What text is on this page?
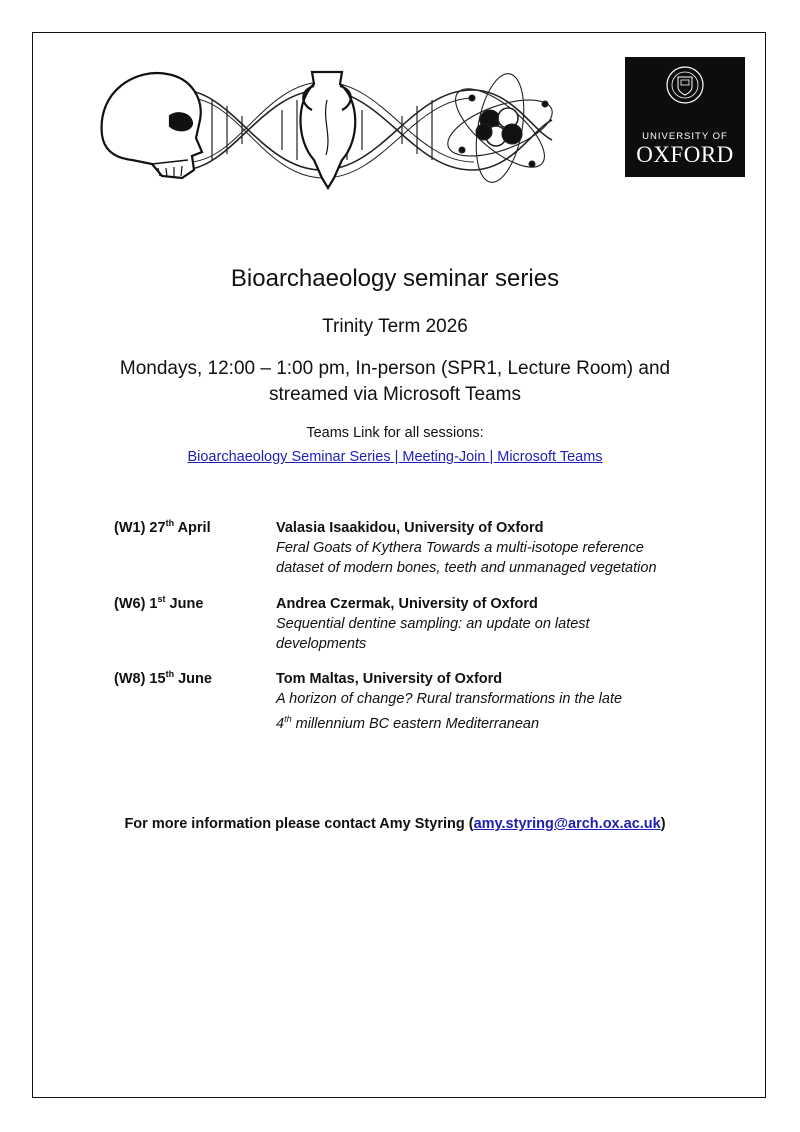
UNIVERSITY OF
OXFORD
Bioarchaeology seminar series
Trinity Term 2026
Mondays, 12:00 – 1:00 pm, In-person (SPR1, Lecture Room) and
streamed via Microsoft Teams
Teams Link for all sessions:
Bioarchaeology Seminar Series | Meeting-Join | Microsoft Teams
(W1) 27th April	Valasia Isaakidou, University of Oxford
Feral Goats of Kythera Towards a multi-isotope reference
dataset of modern bones, teeth and unmanaged vegetation
(W6) 1st June	Andrea Czermak, University of Oxford
Sequential dentine sampling: an update on latest
developments
(W8) 15th June	Tom Maltas, University of Oxford
A horizon of change? Rural transformations in the late
4th millennium BC eastern Mediterranean
For more information please contact Amy Styring (amy.styring@arch.ox.ac.uk)
